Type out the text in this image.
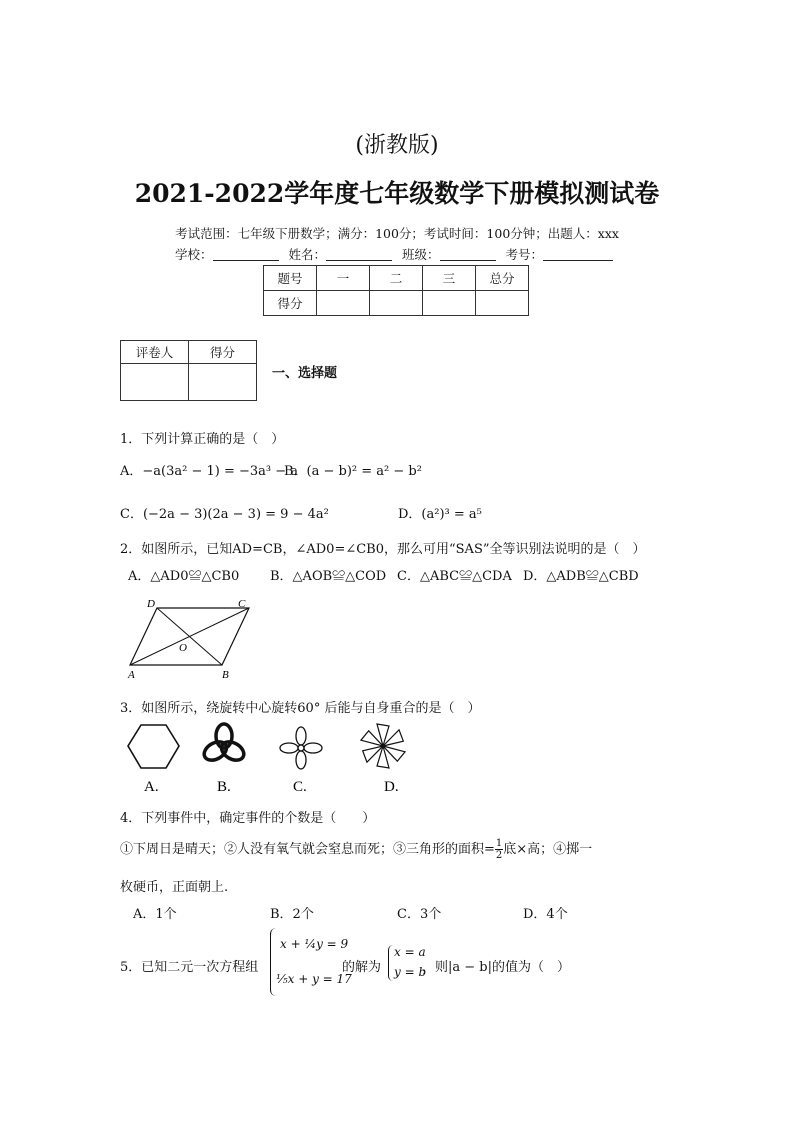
(浙教版)
2021-2022学年度七年级数学下册模拟测试卷
考试范围：七年级下册数学；满分：100分；考试时间：100分钟；出题人：xxx
学校：	姓名：	班级：	考号：
题号	一	二	三	总分
得分				
评卷人	得分

一、选择题
1．下列计算正确的是（　）
A．−a(3a² − 1) = −3a³ − a
B．(a − b)² = a² − b²
C．(−2a − 3)(2a − 3) = 9 − 4a²	D．(a²)³ = a⁵
2．如图所示，已知AD=CB，∠AD0=∠CB0，那么可用“SAS”全等识别法说明的是（　）
A．△AD0≌△CB0 B．△AOB≌△COD C．△ABC≌△CDA D．△ADB≌△CBD
D	C
O
A	B
3．如图所示，绕旋转中心旋转60° 后能与自身重合的是（　）
A.	B.	C.	D.
4．下列事件中，确定事件的个数是（　　）
①下周日是晴天；②人没有氧气就会窒息而死；③三角形的面积= $\frac{1}{2}$ 底×高；④掷一
枚硬币，正面朝上.
A．1个	B．2个	C．3个	D．4个
5．已知二元一次方程组
x + ¼y = 9
⅕x + y = 17
的解为
x = a
y = b
，则|a − b|的值为（　）
